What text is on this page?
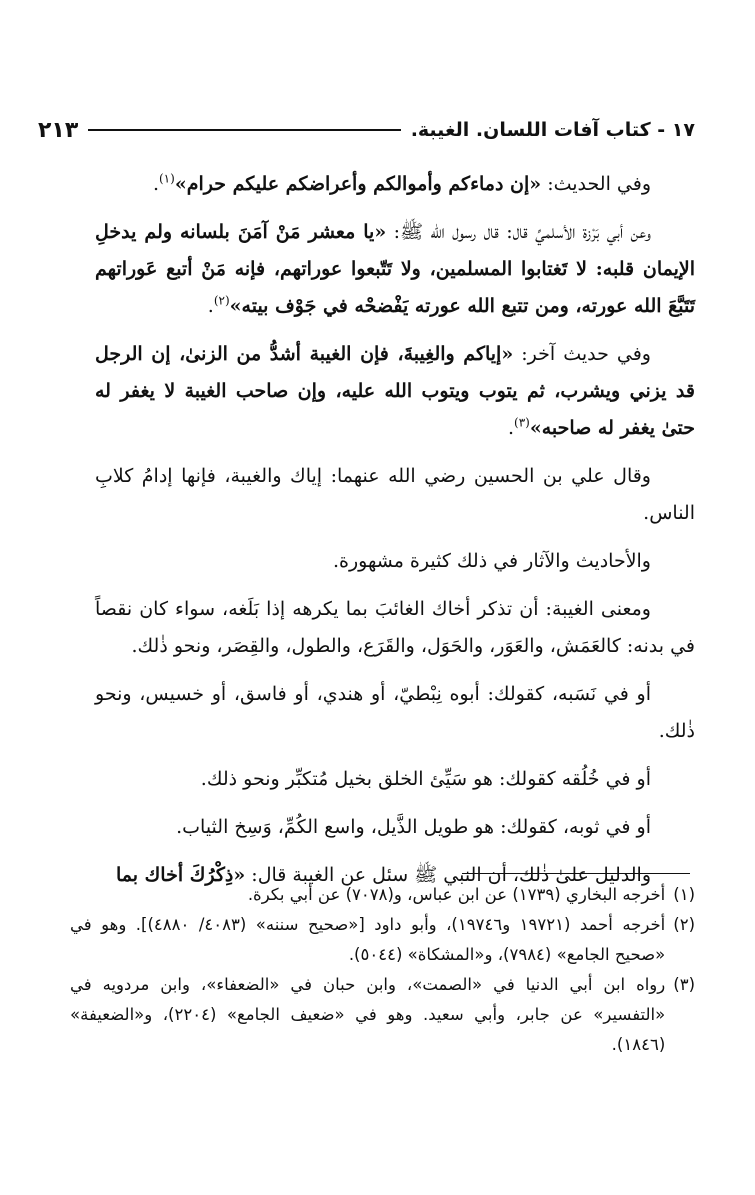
١٧ - كتاب آفات اللسان. الغيبة.
٢١٣

وفي الحديث: «إن دماءكم وأموالكم وأعراضكم عليكم حرام»$^{(١)}$.

وعن أبي بَرْزة الأسلميِّ قال: قال رسول الله ﷺ: «يا معشر مَنْ آمَنَ بلسانه ولم يدخلِ الإيمان قلبه: لا تَغتابوا المسلمين، ولا تَتّبعوا عوراتهم، فإنه مَنْ أتبع عَوراتهم تَتَبَّعَ الله عورته، ومن تتبع الله عورته يَفْضحْه في جَوْف بيته»$^{(٢)}$.

وفي حديث آخر: «إياكم والغِيبةَ، فإن الغيبة أشدُّ من الزنىٰ، إن الرجل قد يزني ويشرب، ثم يتوب ويتوب الله عليه، وإن صاحب الغيبة لا يغفر له حتىٰ يغفر له صاحبه»$^{(٣)}$.

وقال علي بن الحسين رضي الله عنهما: إياك والغيبة، فإنها إدامُ كلابِ الناس.

والأحاديث والآثار في ذلك كثيرة مشهورة.

ومعنى الغيبة: أن تذكر أخاك الغائبَ بما يكرهه إذا بَلَغه، سواء كان نقصاً في بدنه: كالعَمَش، والعَوَر، والحَوَل، والقَرَع، والطول، والقِصَر، ونحو ذٰلك.

أو في نَسَبه، كقولك: أبوه نِبْطيّ، أو هندي، أو فاسق، أو خسيس، ونحو ذٰلك.

أو في خُلُقه كقولك: هو سَيِّئ الخلق بخيل مُتكبِّر ونحو ذلك.

أو في ثوبه، كقولك: هو طويل الذَّيل، واسع الكُمِّ، وَسِخ الثياب.

والدليل علىٰ ذٰلك، أن النبي ﷺ سئل عن الغيبة قال: «ذِكْرُكَ أخاك بما

(١)
أخرجه البخاري (١٧٣٩) عن ابن عباس، و(٧٠٧٨) عن أبي بكرة.
(٢)
أخرجه أحمد (١٩٧٢١ و١٩٧٤٦)، وأبو داود [«صحيح سننه» (٤٠٨٣/ ٤٨٨٠)]. وهو في «صحيح الجامع» (٧٩٨٤)، و«المشكاة» (٥٠٤٤).
(٣)
رواه ابن أبي الدنيا في «الصمت»، وابن حبان في «الضعفاء»، وابن مردويه في «التفسير» عن جابر، وأبي سعيد. وهو في «ضعيف الجامع» (٢٢٠٤)، و«الضعيفة» (١٨٤٦).
